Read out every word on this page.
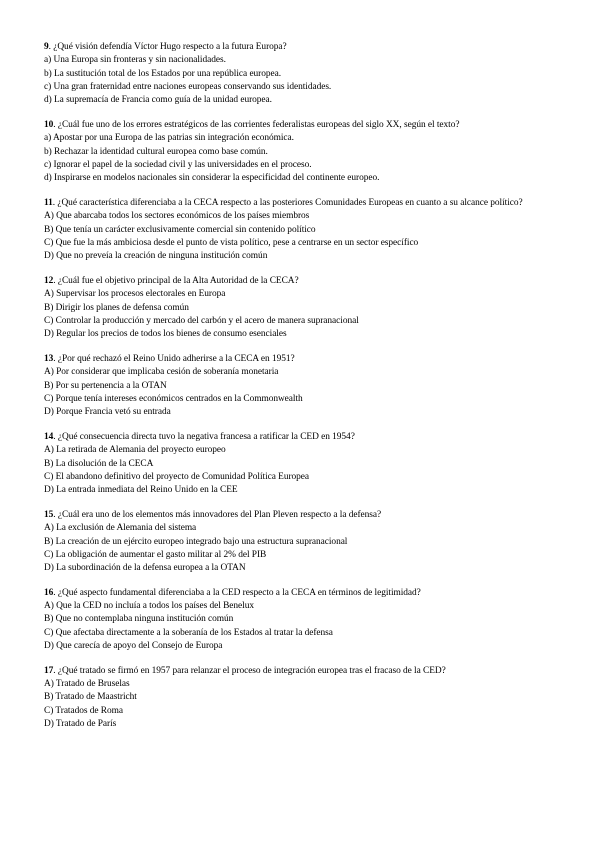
9. ¿Qué visión defendía Víctor Hugo respecto a la futura Europa?
a) Una Europa sin fronteras y sin nacionalidades.
b) La sustitución total de los Estados por una república europea.
c) Una gran fraternidad entre naciones europeas conservando sus identidades.
d) La supremacía de Francia como guía de la unidad europea.
10. ¿Cuál fue uno de los errores estratégicos de las corrientes federalistas europeas del siglo XX, según el texto?
a) Apostar por una Europa de las patrias sin integración económica.
b) Rechazar la identidad cultural europea como base común.
c) Ignorar el papel de la sociedad civil y las universidades en el proceso.
d) Inspirarse en modelos nacionales sin considerar la especificidad del continente europeo.
11. ¿Qué característica diferenciaba a la CECA respecto a las posteriores Comunidades Europeas en cuanto a su alcance político?
A) Que abarcaba todos los sectores económicos de los países miembros
B) Que tenía un carácter exclusivamente comercial sin contenido político
C) Que fue la más ambiciosa desde el punto de vista político, pese a centrarse en un sector específico
D) Que no preveía la creación de ninguna institución común
12. ¿Cuál fue el objetivo principal de la Alta Autoridad de la CECA?
A) Supervisar los procesos electorales en Europa
B) Dirigir los planes de defensa común
C) Controlar la producción y mercado del carbón y el acero de manera supranacional
D) Regular los precios de todos los bienes de consumo esenciales
13. ¿Por qué rechazó el Reino Unido adherirse a la CECA en 1951?
A) Por considerar que implicaba cesión de soberanía monetaria
B) Por su pertenencia a la OTAN
C) Porque tenía intereses económicos centrados en la Commonwealth
D) Porque Francia vetó su entrada
14. ¿Qué consecuencia directa tuvo la negativa francesa a ratificar la CED en 1954?
A) La retirada de Alemania del proyecto europeo
B) La disolución de la CECA
C) El abandono definitivo del proyecto de Comunidad Política Europea
D) La entrada inmediata del Reino Unido en la CEE
15. ¿Cuál era uno de los elementos más innovadores del Plan Pleven respecto a la defensa?
A) La exclusión de Alemania del sistema
B) La creación de un ejército europeo integrado bajo una estructura supranacional
C) La obligación de aumentar el gasto militar al 2% del PIB
D) La subordinación de la defensa europea a la OTAN
16. ¿Qué aspecto fundamental diferenciaba a la CED respecto a la CECA en términos de legitimidad?
A) Que la CED no incluía a todos los países del Benelux
B) Que no contemplaba ninguna institución común
C) Que afectaba directamente a la soberanía de los Estados al tratar la defensa
D) Que carecía de apoyo del Consejo de Europa
17. ¿Qué tratado se firmó en 1957 para relanzar el proceso de integración europea tras el fracaso de la CED?
A) Tratado de Bruselas
B) Tratado de Maastricht
C) Tratados de Roma
D) Tratado de París
